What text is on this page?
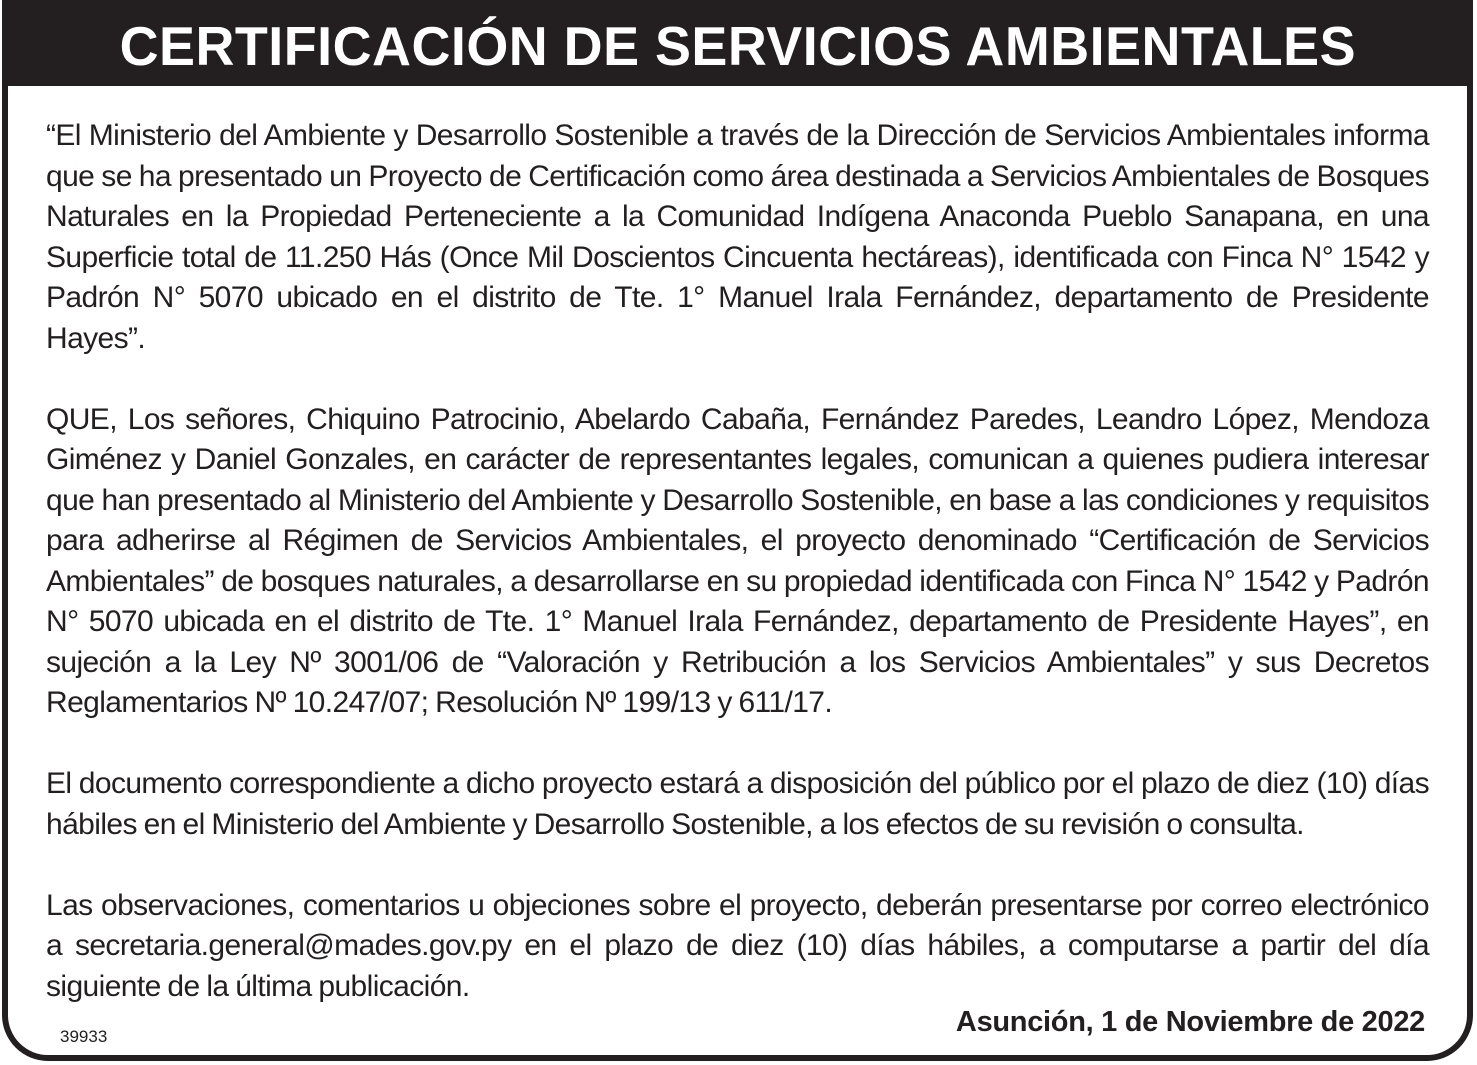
CERTIFICACIÓN DE SERVICIOS AMBIENTALES

“El Ministerio del Ambiente y Desarrollo Sostenible a través de la Dirección de Servicios Ambientales informa que se ha presentado un Proyecto de Certificación como área destinada a Servicios Ambientales de Bosques Naturales en la Propiedad Perteneciente a la Comunidad Indígena Anaconda Pueblo Sanapana, en una Superficie total de 11.250 Hás (Once Mil Doscientos Cincuenta hectáreas), identificada con Finca N° 1542 y Padrón N° 5070 ubicado en el distrito de Tte. 1° Manuel Irala Fernández, departamento de Presidente Hayes”.

QUE, Los señores, Chiquino Patrocinio, Abelardo Cabaña, Fernández Paredes, Leandro López, Mendoza Giménez y Daniel Gonzales, en carácter de representantes legales, comunican a quienes pudiera interesar que han presentado al Ministerio del Ambiente y Desarrollo Sostenible, en base a las condiciones y requisitos para adherirse al Régimen de Servicios Ambientales, el proyecto denominado “Certificación de Servicios Ambientales” de bosques naturales, a desarrollarse en su propiedad identificada con Finca N° 1542 y Padrón N° 5070 ubicada en el distrito de Tte. 1° Manuel Irala Fernández, departamento de Presidente Hayes”, en sujeción a la Ley Nº 3001/06 de “Valoración y Retribución a los Servicios Ambientales” y sus Decretos Reglamentarios Nº 10.247/07; Resolución Nº 199/13 y 611/17.

El documento correspondiente a dicho proyecto estará a disposición del público por el plazo de diez (10) días hábiles en el Ministerio del Ambiente y Desarrollo Sostenible, a los efectos de su revisión o consulta.

Las observaciones, comentarios u objeciones sobre el proyecto, deberán presentarse por correo electrónico a secretaria.general@mades.gov.py en el plazo de diez (10) días hábiles, a computarse a partir del día siguiente de la última publicación.

Asunción, 1 de Noviembre de 2022
39933
